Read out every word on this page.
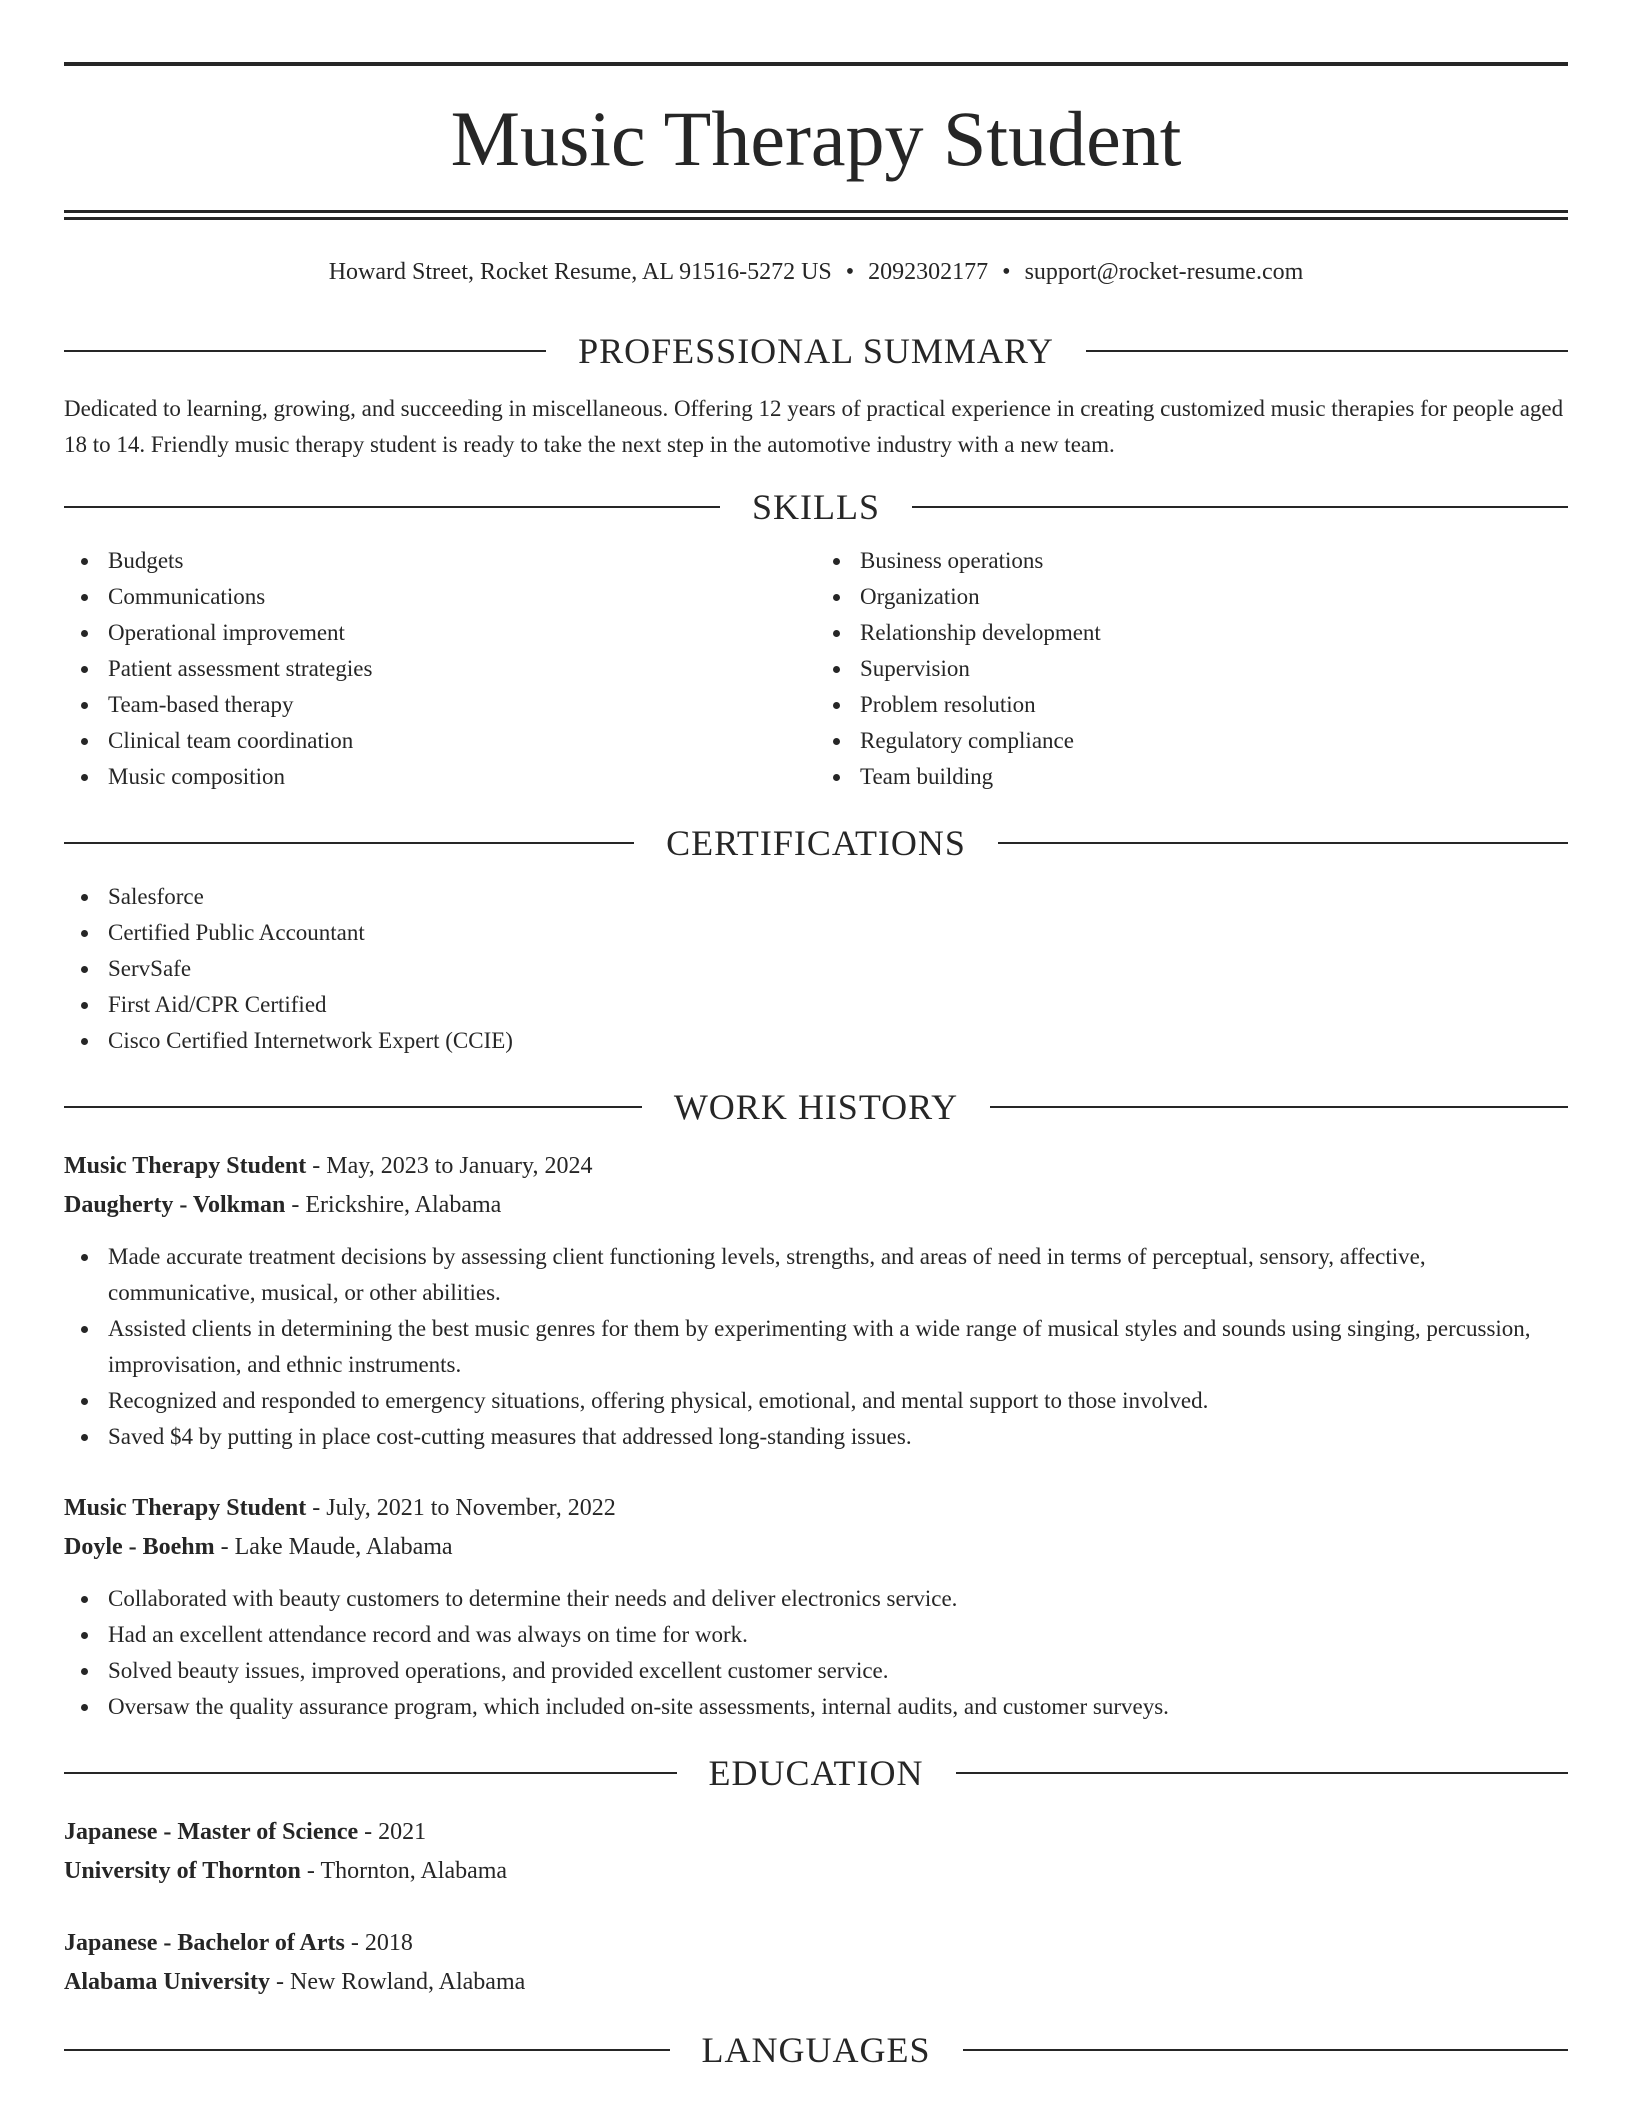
Music Therapy Student
Howard Street, Rocket Resume, AL 91516-5272 US • 2092302177 • support@rocket-resume.com
PROFESSIONAL SUMMARY

Dedicated to learning, growing, and succeeding in miscellaneous. Offering 12 years of practical experience in creating customized music therapies for people aged 18 to 14. Friendly music therapy student is ready to take the next step in the automotive industry with a new team.

SKILLS
Budgets
Communications
Operational improvement
Patient assessment strategies
Team-based therapy
Clinical team coordination
Music composition
Business operations
Organization
Relationship development
Supervision
Problem resolution
Regulatory compliance
Team building
CERTIFICATIONS
Salesforce
Certified Public Accountant
ServSafe
First Aid/CPR Certified
Cisco Certified Internetwork Expert (CCIE)
WORK HISTORY
Music Therapy Student - May, 2023 to January, 2024
Daugherty - Volkman - Erickshire, Alabama
Made accurate treatment decisions by assessing client functioning levels, strengths, and areas of need in terms of perceptual, sensory, affective, communicative, musical, or other abilities.
Assisted clients in determining the best music genres for them by experimenting with a wide range of musical styles and sounds using singing, percussion, improvisation, and ethnic instruments.
Recognized and responded to emergency situations, offering physical, emotional, and mental support to those involved.
Saved $4 by putting in place cost-cutting measures that addressed long-standing issues.
Music Therapy Student - July, 2021 to November, 2022
Doyle - Boehm - Lake Maude, Alabama
Collaborated with beauty customers to determine their needs and deliver electronics service.
Had an excellent attendance record and was always on time for work.
Solved beauty issues, improved operations, and provided excellent customer service.
Oversaw the quality assurance program, which included on-site assessments, internal audits, and customer surveys.
EDUCATION
Japanese - Master of Science - 2021
University of Thornton - Thornton, Alabama
Japanese - Bachelor of Arts - 2018
Alabama University - New Rowland, Alabama
LANGUAGES
